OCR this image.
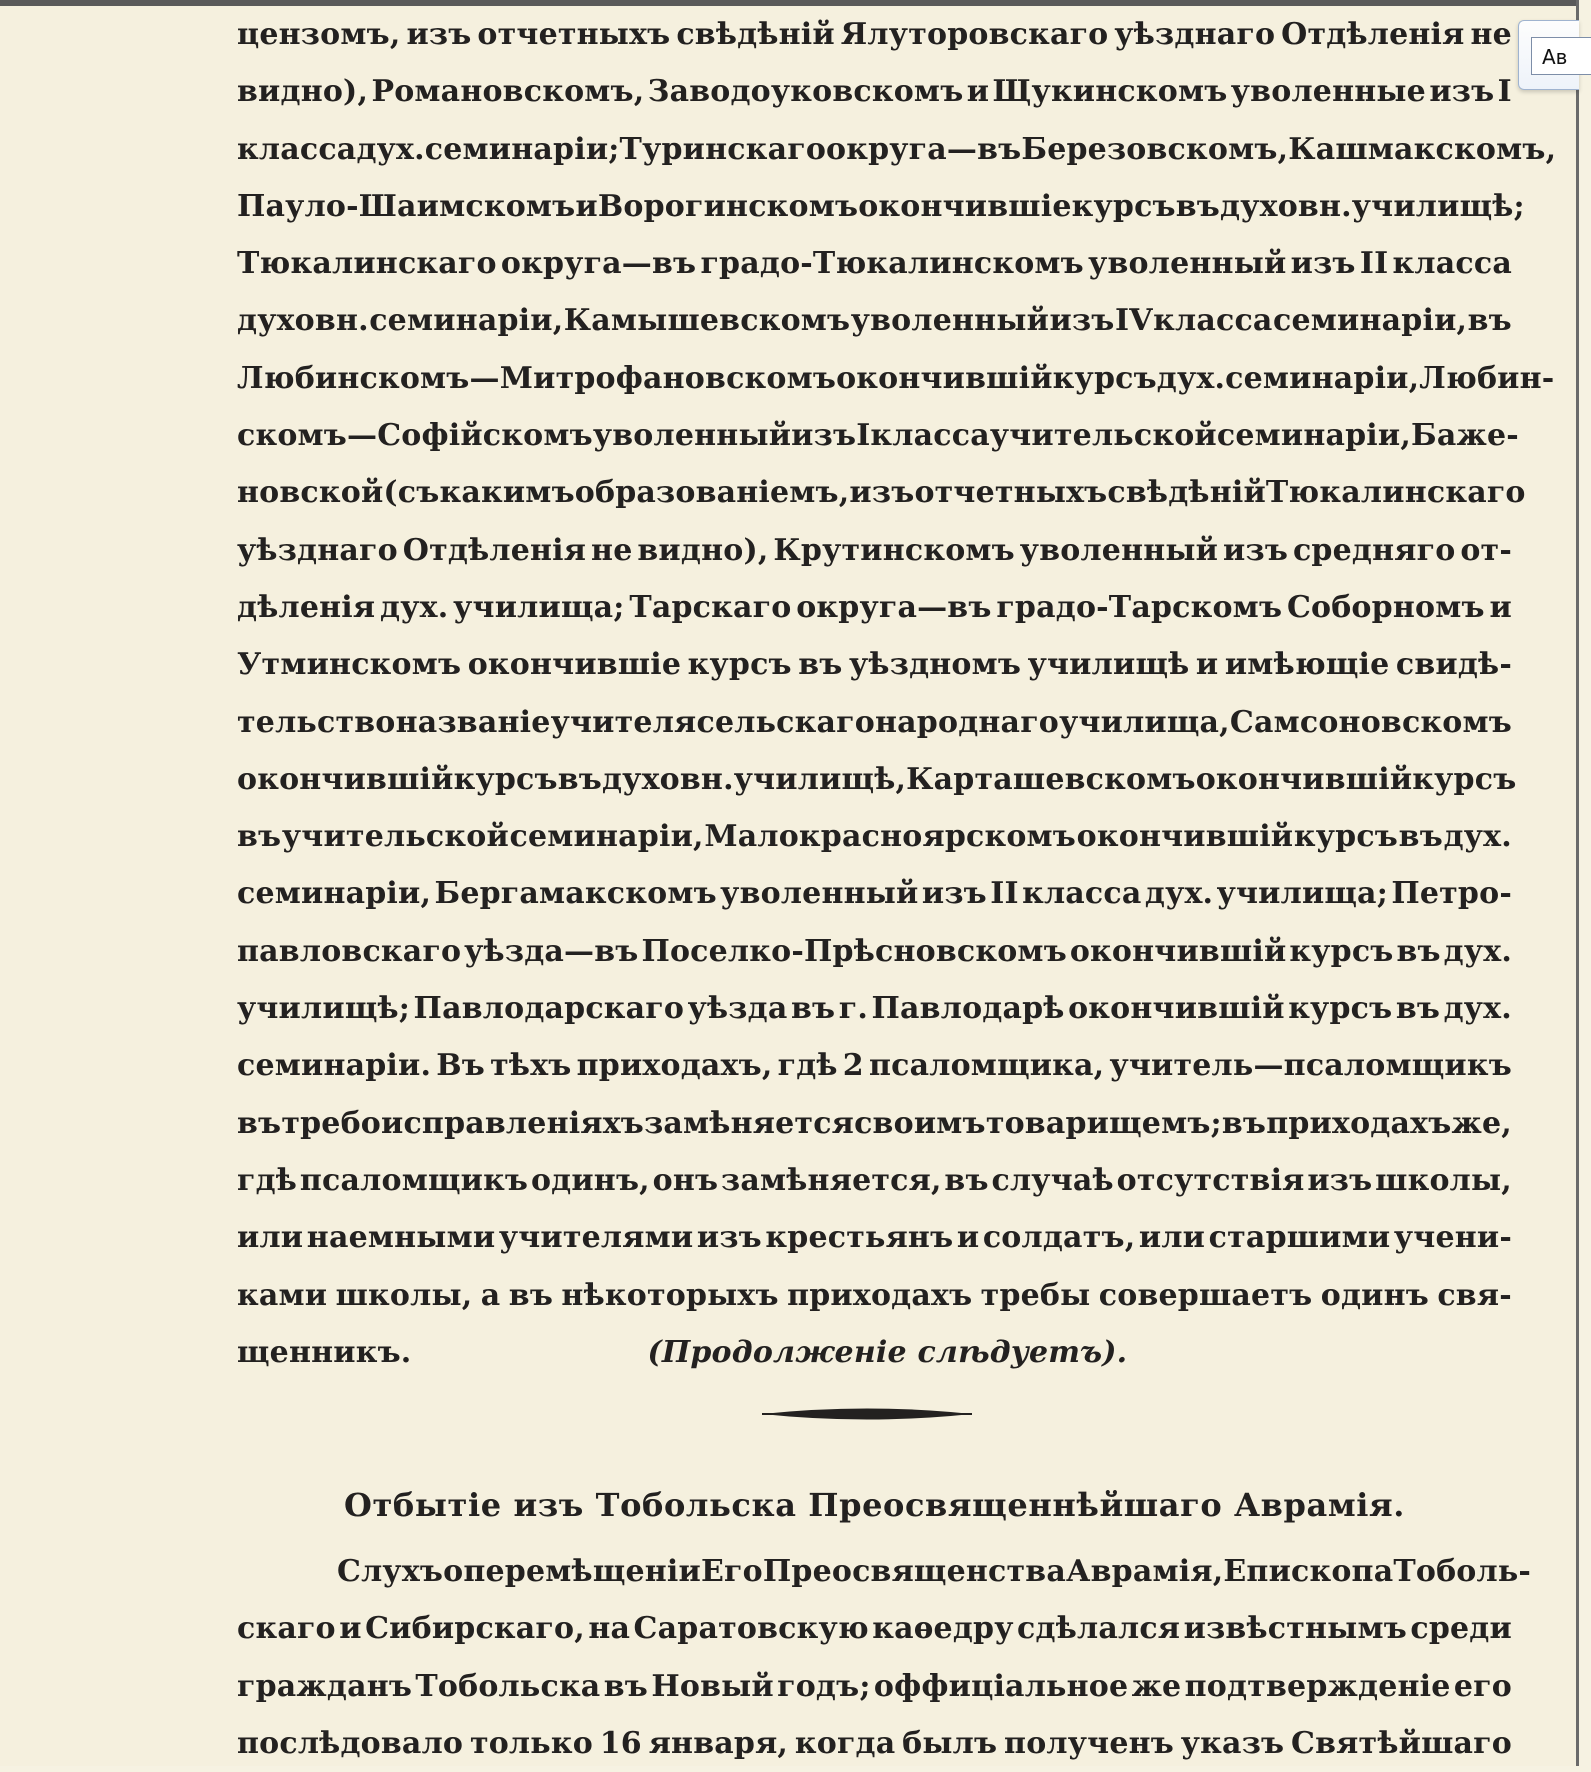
цензомъ, изъ отчетныхъ свѣдѣній Ялуторовскаго уѣзднаго Отдѣленія не
видно), Романовскомъ, Заводоуковскомъ и Щукинскомъ уволенные изъ I
класса дух. семинаріи; Туринскаго округа—въ Березовскомъ, Кашмакскомъ,
Пауло-Шаимскомъ и Ворогинскомъ окончившіе курсъ въ духовн. училищѣ;
Тюкалинскаго округа—въ градо-Тюкалинскомъ уволенный изъ II класса
духовн. семинаріи, Камышевскомъ уволенный изъ IV класса семинаріи, въ
Любинскомъ—Митрофановскомъ окончившій курсъ дух. семинаріи, Любин-
скомъ—Софійскомъ уволенный изъ I класса учительской семинаріи, Баже-
новской (съ какимъ образованіемъ, изъ отчетныхъ свѣдѣній Тюкалинскаго
уѣзднаго Отдѣленія не видно), Крутинскомъ уволенный изъ средняго от-
дѣленія дух. училища; Тарскаго округа—въ градо-Тарскомъ Соборномъ и
Утминскомъ окончившіе курсъ въ уѣздномъ училищѣ и имѣющіе свидѣ-
тельство на званіе учителя сельскаго народнаго училища, Самсоновскомъ
окончившій курсъ въ духовн. училищѣ, Карташевскомъ окончившій курсъ
въ учительской семинаріи, Малокрасноярскомъ окончившій курсъ въ дух.
семинаріи, Бергамакскомъ уволенный изъ II класса дух. училища; Петро-
павловскаго уѣзда—въ Поселко-Прѣсновскомъ окончившій курсъ въ дух.
училищѣ; Павлодарскаго уѣзда въ г. Павлодарѣ окончившій курсъ въ дух.
семинаріи. Въ тѣхъ приходахъ, гдѣ 2 псаломщика, учитель—псаломщикъ
въ требоисправленіяхъ замѣняется своимъ товарищемъ; въ приходахъ же,
гдѣ псаломщикъ одинъ, онъ замѣняется, въ случаѣ отсутствія изъ школы,
или наемными учителями изъ крестьянъ и солдатъ, или старшими учени-
ками школы, а въ нѣкоторыхъ приходахъ требы совершаетъ одинъ свя-
щенникъ.	(Продолженіе слѣдуетъ).
Отбытіе изъ Тобольска Преосвященнѣйшаго Аврамія.
Слухъ о перемѣщеніи Его Преосвященства Аврамія, Епископа Тоболь-
скаго и Сибирскаго, на Саратовскую каѳедру сдѣлался извѣстнымъ среди
гражданъ Тобольска въ Новый годъ; оффиціальное же подтвержденіе его
послѣдовало только 16 января, когда былъ полученъ указъ Святѣйшаго
Ав
